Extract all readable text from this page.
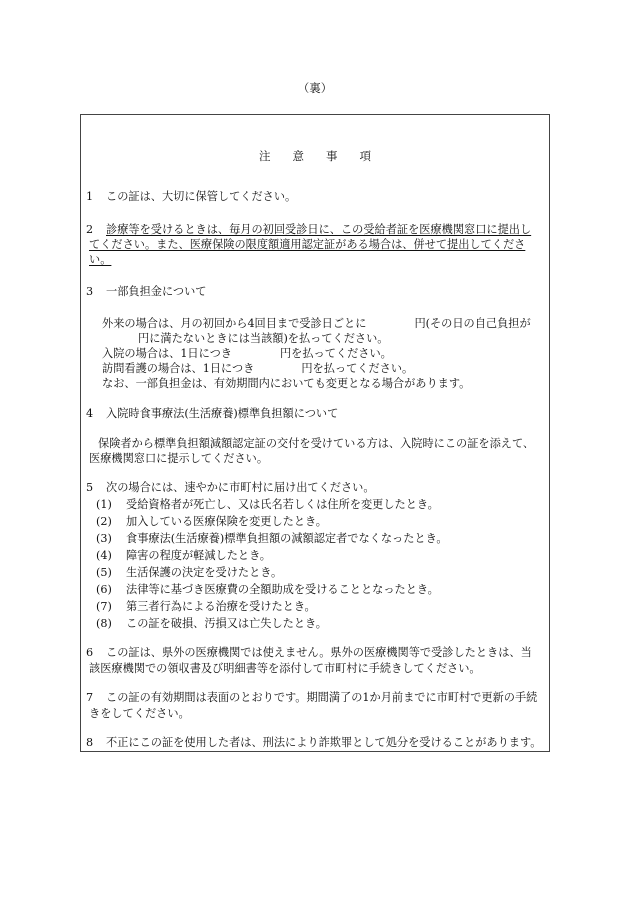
（裏）
注 意 事 項
1 この証は、大切に保管してください。
2 診療等を受けるときは、毎月の初回受診日に、この受給者証を医療機関窓口に提出し
てください。また、医療保険の限度額適用認定証がある場合は、併せて提出してくださ
い。
3 一部負担金について
外来の場合は、月の初回から4回目まで受診日ごとに	円(その日の自己負担が
円に満たないときには当該額)を払ってください。
入院の場合は、1日につき	円を払ってください。
訪問看護の場合は、1日につき	円を払ってください。
なお、一部負担金は、有効期間内においても変更となる場合があります。
4 入院時食事療法(生活療養)標準負担額について
保険者から標準負担額減額認定証の交付を受けている方は、入院時にこの証を添えて、
医療機関窓口に提示してください。
5 次の場合には、速やかに市町村に届け出てください。
(1) 受給資格者が死亡し、又は氏名若しくは住所を変更したとき。
(2) 加入している医療保険を変更したとき。
(3) 食事療法(生活療養)標準負担額の減額認定者でなくなったとき。
(4) 障害の程度が軽減したとき。
(5) 生活保護の決定を受けたとき。
(6) 法律等に基づき医療費の全額助成を受けることとなったとき。
(7) 第三者行為による治療を受けたとき。
(8) この証を破損、汚損又は亡失したとき。
6 この証は、県外の医療機関では使えません。県外の医療機関等で受診したときは、当
該医療機関での領収書及び明細書等を添付して市町村に手続きしてください。
7 この証の有効期間は表面のとおりです。期間満了の1か月前までに市町村で更新の手続
きをしてください。
8 不正にこの証を使用した者は、刑法により詐欺罪として処分を受けることがあります。
